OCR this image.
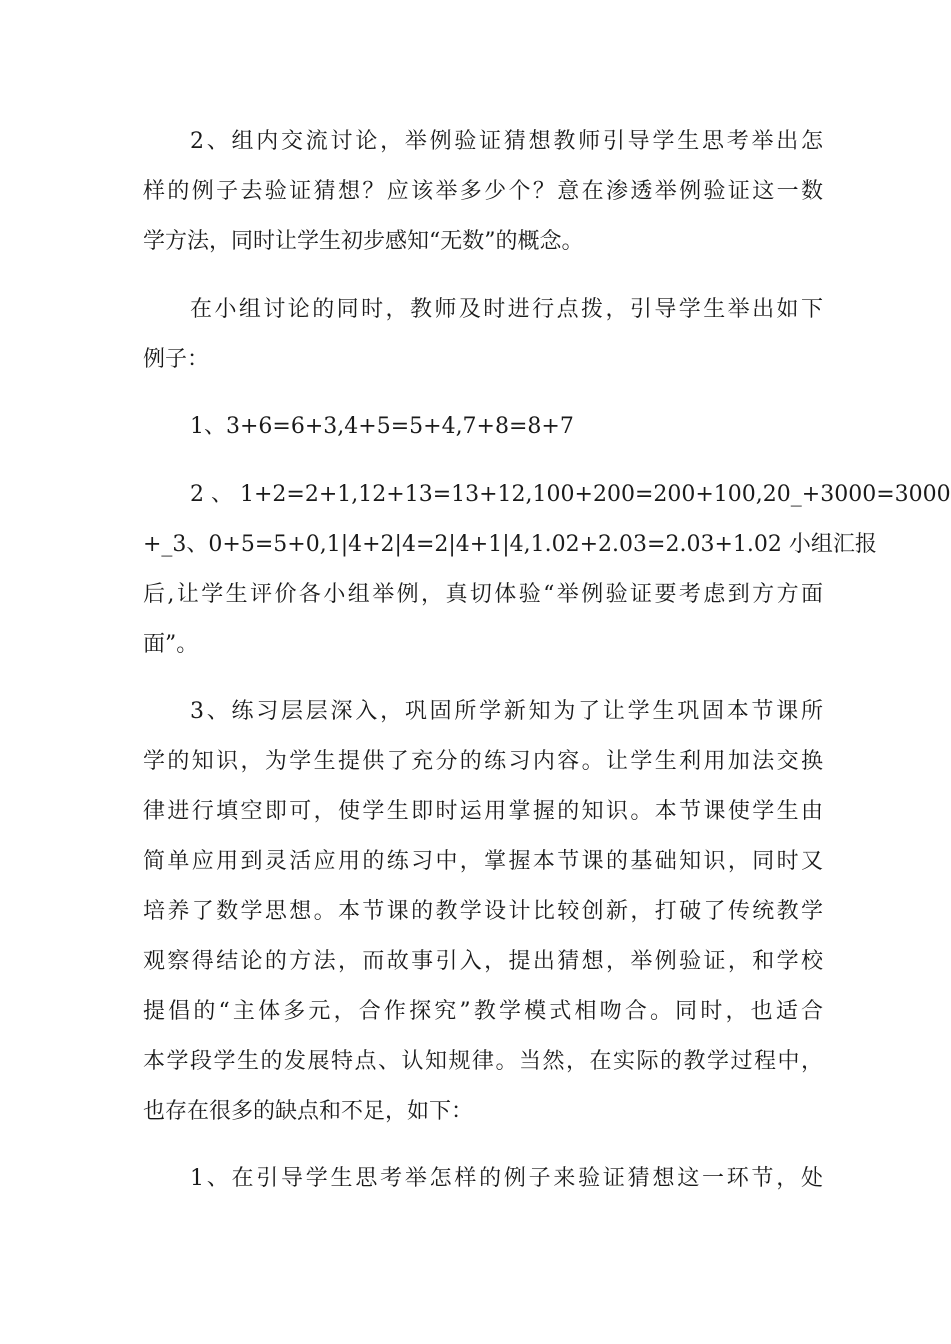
2、组内交流讨论，举例验证猜想教师引导学生思考举出怎
样的例子去验证猜想？应该举多少个？意在渗透举例验证这一数
学方法，同时让学生初步感知“无数”的概念。
在小组讨论的同时，教师及时进行点拨，引导学生举出如下
例子：
1、3+6=6+3,4+5=5+4,7+8=8+7
2 、 1+2=2+1,12+13=13+12,100+200=200+100,20_+3000=3000
+_3、0+5=5+0,1|4+2|4=2|4+1|4,1.02+2.03=2.03+1.02 小组汇报
后,让学生评价各小组举例，真切体验“举例验证要考虑到方方面
面”。
3、练习层层深入，巩固所学新知为了让学生巩固本节课所
学的知识，为学生提供了充分的练习内容。让学生利用加法交换
律进行填空即可，使学生即时运用掌握的知识。本节课使学生由
简单应用到灵活应用的练习中，掌握本节课的基础知识，同时又
培养了数学思想。本节课的教学设计比较创新，打破了传统教学
观察得结论的方法，而故事引入，提出猜想，举例验证，和学校
提倡的“主体多元，合作探究”教学模式相吻合。同时，也适合
本学段学生的发展特点、认知规律。当然，在实际的教学过程中，
也存在很多的缺点和不足，如下：
1、在引导学生思考举怎样的例子来验证猜想这一环节，处
